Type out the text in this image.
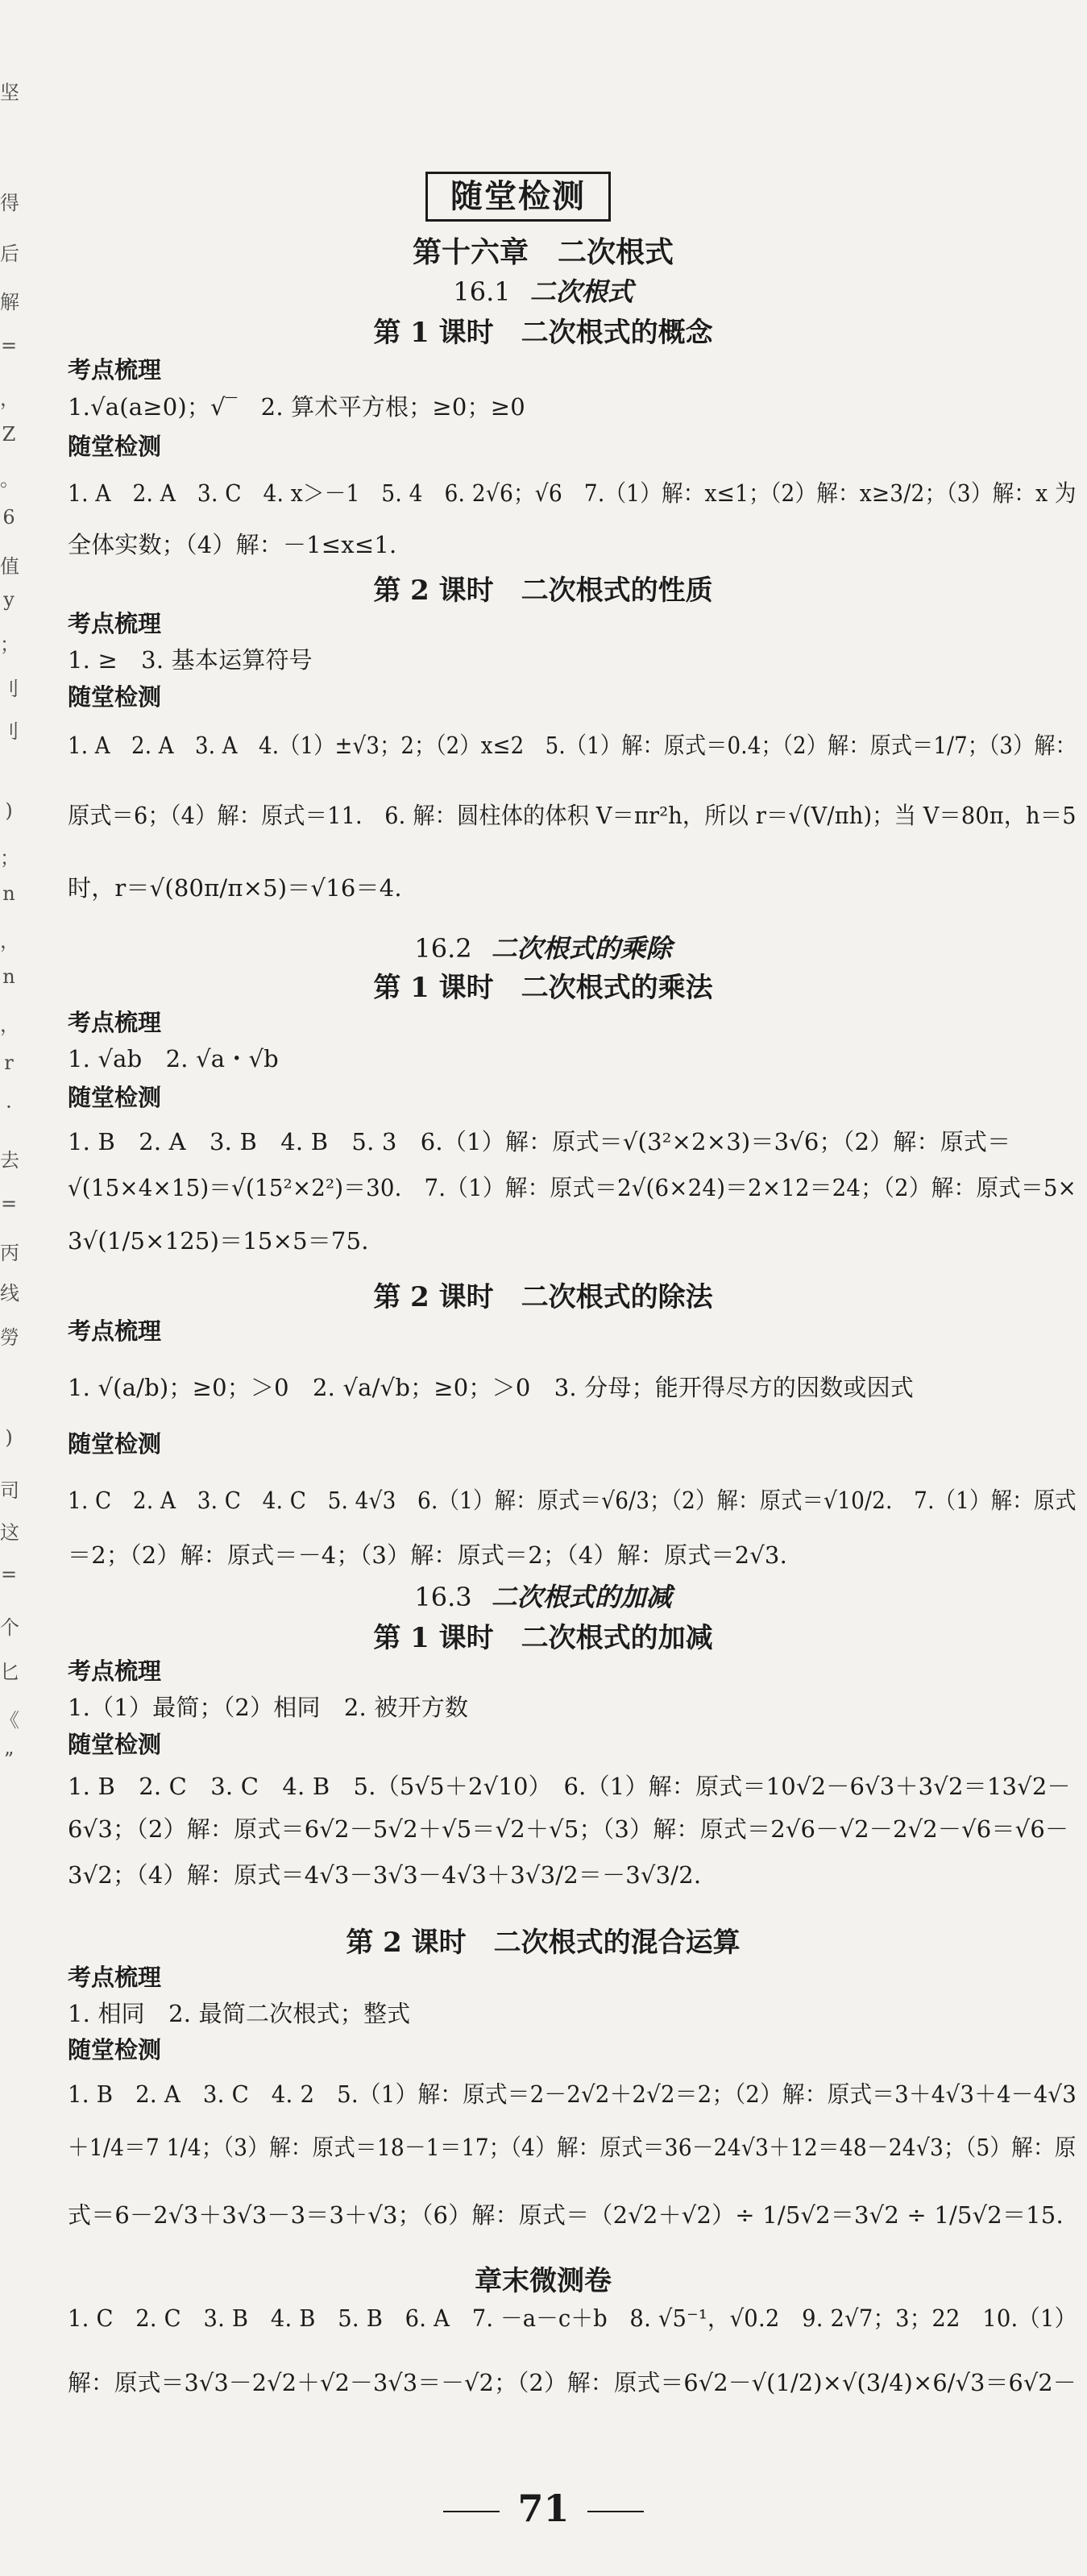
坚
得
后
解
=
，
Z
。
6
值
y
；
刂
刂
)
；
n
，
n
，
r
·
去
=
丙
线
勞
)
司
这
=
个
匕
《
”
随堂检测
第十六章　二次根式
16.1 二次根式
第 1 课时　二次根式的概念
考点梳理
1.√a(a≥0)；√‾　2. 算术平方根；≥0；≥0
随堂检测
1. A　2. A　3. C　4. x＞－1　5. 4　6. 2√6；√6　7.（1）解：x≤1；（2）解：x≥3/2；（3）解：x 为
全体实数；（4）解：－1≤x≤1.
第 2 课时　二次根式的性质
考点梳理
1. ≥　3. 基本运算符号
随堂检测
1. A　2. A　3. A　4.（1）±√3；2；（2）x≤2　5.（1）解：原式＝0.4；（2）解：原式＝1/7；（3）解：
原式＝6；（4）解：原式＝11.　6. 解：圆柱体的体积 V＝πr²h，所以 r＝√(V/πh)；当 V＝80π，h＝5
时，r＝√(80π/π×5)＝√16＝4.
16.2 二次根式的乘除
第 1 课时　二次根式的乘法
考点梳理
1. √ab　2. √a・√b
随堂检测
1. B　2. A　3. B　4. B　5. 3　6.（1）解：原式＝√(3²×2×3)＝3√6；（2）解：原式＝
√(15×4×15)＝√(15²×2²)＝30.　7.（1）解：原式＝2√(6×24)＝2×12＝24；（2）解：原式＝5×
3√(1/5×125)＝15×5＝75.
第 2 课时　二次根式的除法
考点梳理
1. √(a/b)；≥0；＞0　2. √a/√b；≥0；＞0　3. 分母；能开得尽方的因数或因式
随堂检测
1. C　2. A　3. C　4. C　5. 4√3　6.（1）解：原式＝√6/3；（2）解：原式＝√10/2.　7.（1）解：原式
＝2；（2）解：原式＝－4；（3）解：原式＝2；（4）解：原式＝2√3.
16.3 二次根式的加减
第 1 课时　二次根式的加减
考点梳理
1.（1）最简；（2）相同　2. 被开方数
随堂检测
1. B　2. C　3. C　4. B　5.（5√5＋2√10）　6.（1）解：原式＝10√2－6√3＋3√2＝13√2－
6√3；（2）解：原式＝6√2－5√2＋√5＝√2＋√5；（3）解：原式＝2√6－√2－2√2－√6＝√6－
3√2；（4）解：原式＝4√3－3√3－4√3＋3√3/2＝－3√3/2.
第 2 课时　二次根式的混合运算
考点梳理
1. 相同　2. 最简二次根式；整式
随堂检测
1. B　2. A　3. C　4. 2　5.（1）解：原式＝2－2√2＋2√2＝2；（2）解：原式＝3＋4√3＋4－4√3
＋1/4＝7 1/4；（3）解：原式＝18－1＝17；（4）解：原式＝36－24√3＋12＝48－24√3；（5）解：原
式＝6－2√3＋3√3－3＝3＋√3；（6）解：原式＝（2√2＋√2）÷ 1/5√2＝3√2 ÷ 1/5√2＝15.
章末微测卷
1. C　2. C　3. B　4. B　5. B　6. A　7. －a－c＋b　8. √5⁻¹，√0.2　9. 2√7；3；22　10.（1）
解：原式＝3√3－2√2＋√2－3√3＝－√2；（2）解：原式＝6√2－√(1/2)×√(3/4)×6/√3＝6√2－
71
